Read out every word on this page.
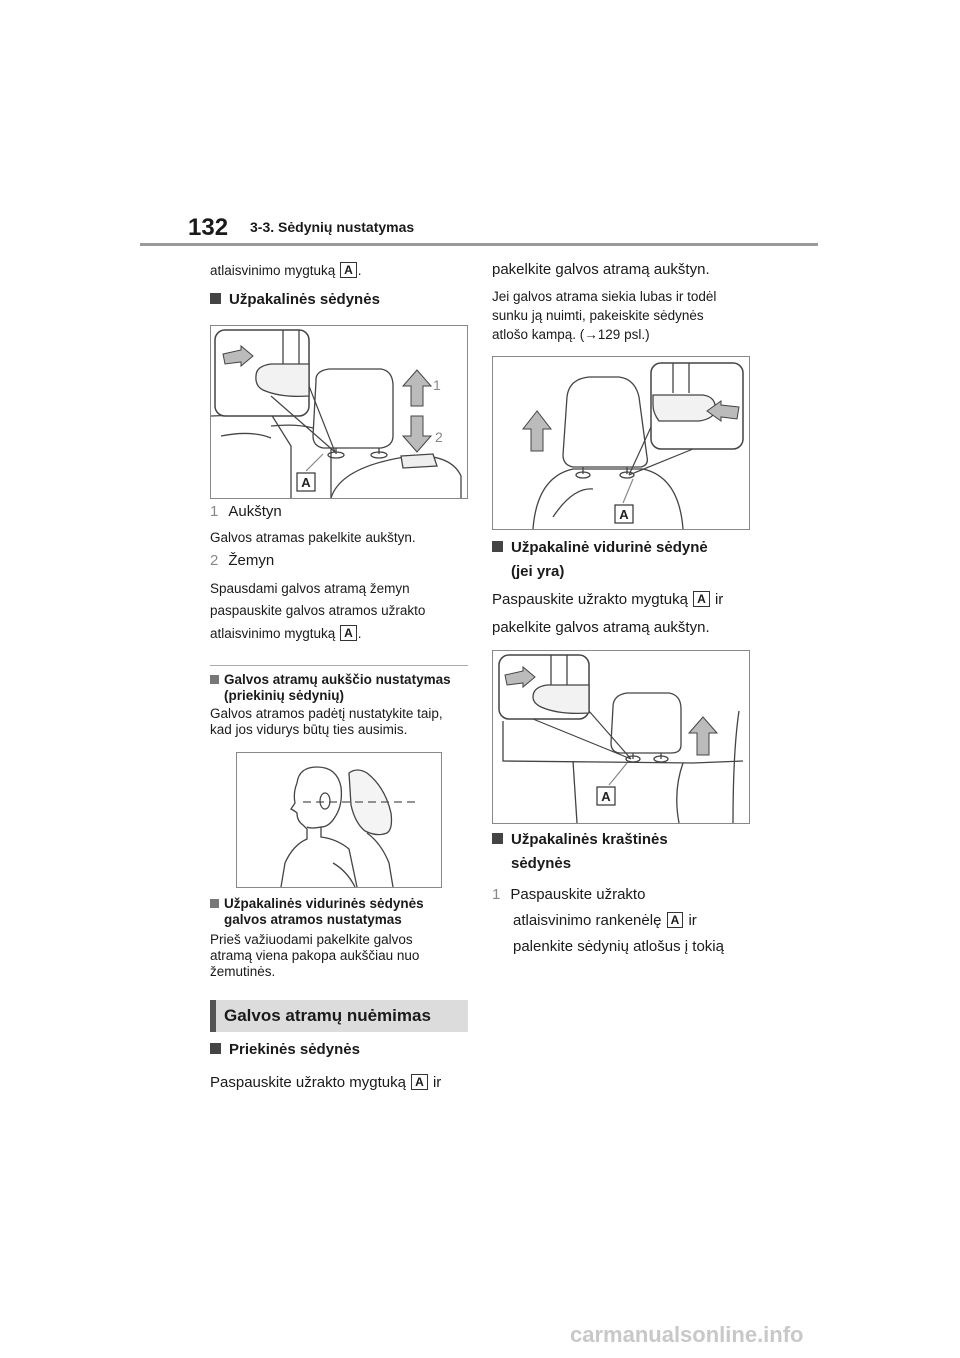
132 3-3. Sėdynių nustatymas
atlaisvinimo mygtuką A .
Užpakalinės sėdynės
1
2
A
1 Aukštyn
Galvos atramas pakelkite aukštyn.
2 Žemyn
Spausdami galvos atramą žemyn
paspauskite galvos atramos užrakto
atlaisvinimo mygtuką A .
Galvos atramų aukščio nustatymas
(priekinių sėdynių)
Galvos atramos padėtį nustatykite taip,
kad jos vidurys būtų ties ausimis.
Užpakalinės vidurinės sėdynės
galvos atramos nustatymas
Prieš važiuodami pakelkite galvos
atramą viena pakopa aukščiau nuo
žemutinės.
Galvos atramų nuėmimas
Priekinės sėdynės
Paspauskite užrakto mygtuką A ir
pakelkite galvos atramą aukštyn.
Jei galvos atrama siekia lubas ir todėl
sunku ją nuimti, pakeiskite sėdynės
atlošo kampą. (→129 psl.)
A
Užpakalinė vidurinė sėdynė
(jei yra)
Paspauskite užrakto mygtuką A ir
pakelkite galvos atramą aukštyn.
A
Užpakalinės kraštinės
sėdynės
1 Paspauskite užrakto
atlaisvinimo rankenėlę A ir
palenkite sėdynių atlošus į tokią
carmanualsonline.info
